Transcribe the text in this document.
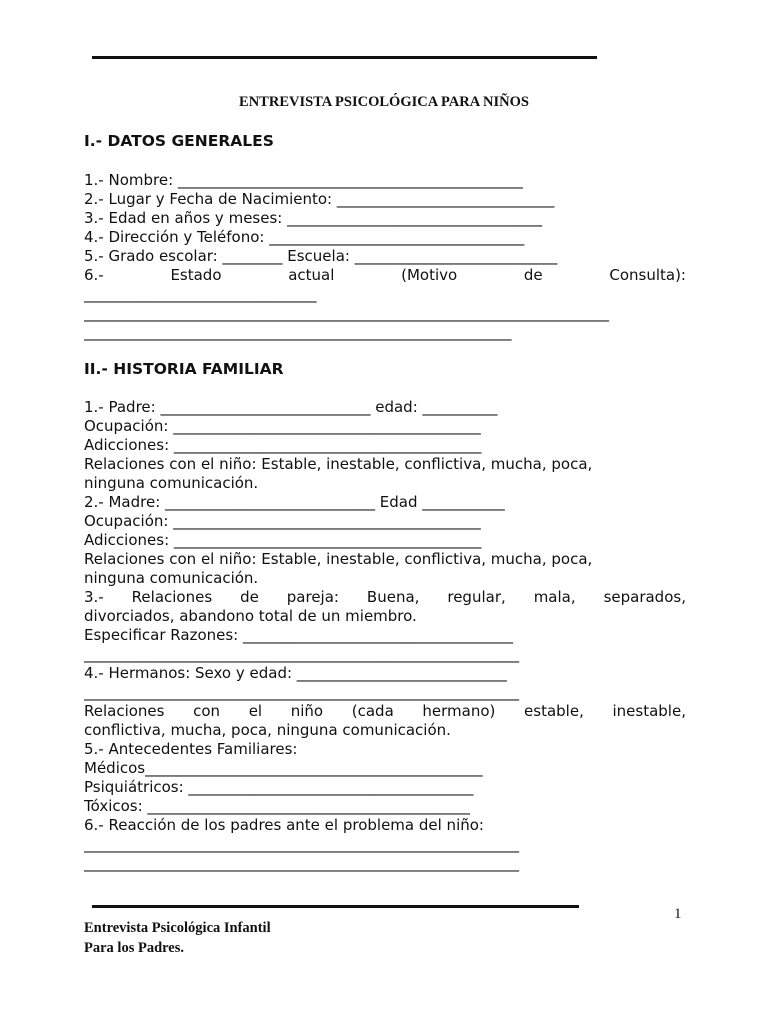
ENTREVISTA PSICOLÓGICA PARA NIÑOS
I.- DATOS GENERALES
1.- Nombre: ______________________________________________
2.- Lugar y Fecha de Nacimiento: _____________________________
3.- Edad en años y meses: __________________________________
4.- Dirección y Teléfono: __________________________________
5.- Grado escolar: ________ Escuela: ___________________________
6.-	Estado	actual	(Motivo	de	Consulta):
_______________________________
______________________________________________________________________
_________________________________________________________
II.- HISTORIA FAMILIAR
1.- Padre: ____________________________ edad: __________
Ocupación: _________________________________________
Adicciones: _________________________________________
Relaciones con el niño: Estable, inestable, conflictiva, mucha, poca,
ninguna comunicación.
2.- Madre: ____________________________ Edad ___________
Ocupación: _________________________________________
Adicciones: _________________________________________
Relaciones con el niño: Estable, inestable, conflictiva, mucha, poca,
ninguna comunicación.
3.- Relaciones de pareja: Buena, regular, mala, separados,
divorciados, abandono total de un miembro.
Especificar Razones: ____________________________________
__________________________________________________________
4.- Hermanos: Sexo y edad: ____________________________
__________________________________________________________
Relaciones con el niño (cada hermano) estable, inestable,
conflictiva, mucha, poca, ninguna comunicación.
5.- Antecedentes Familiares:
Médicos_____________________________________________
Psiquiátricos: ______________________________________
Tóxicos: ___________________________________________
6.- Reacción de los padres ante el problema del niño:
__________________________________________________________
__________________________________________________________
1
Entrevista Psicológica Infantil
Para los Padres.
